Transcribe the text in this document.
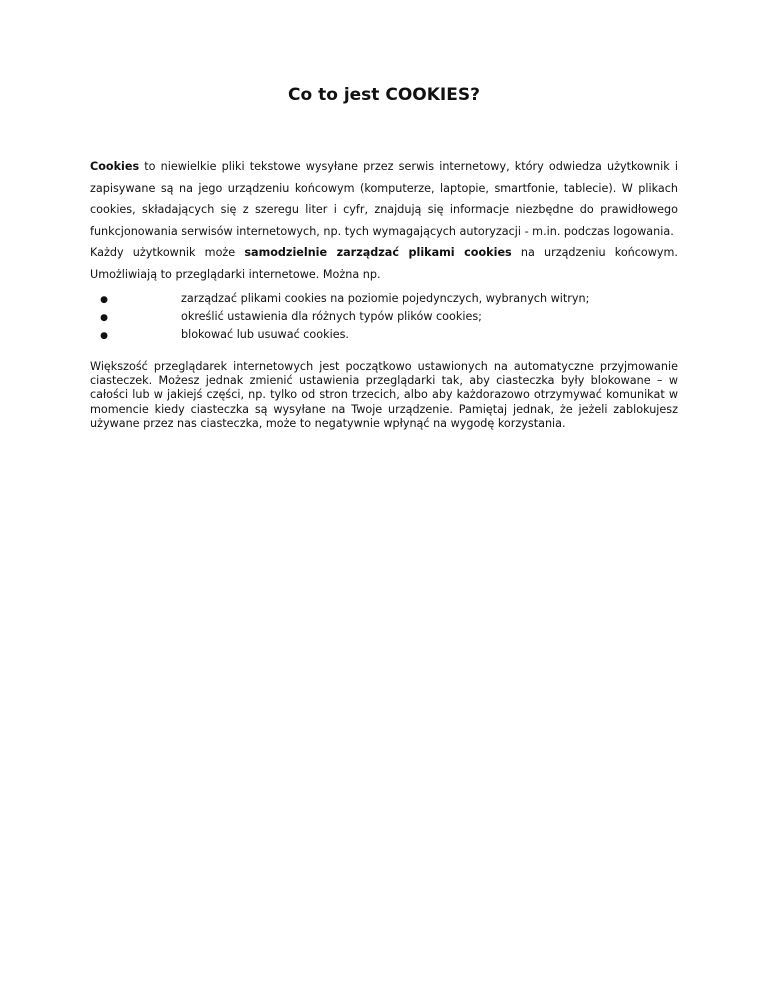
Co to jest COOKIES?

Cookies to niewielkie pliki tekstowe wysyłane przez serwis internetowy, który odwiedza użytkownik i zapisywane są na jego urządzeniu końcowym (komputerze, laptopie, smartfonie, tablecie). W plikach cookies, składających się z szeregu liter i cyfr, znajdują się informacje niezbędne do prawidłowego funkcjonowania serwisów internetowych, np. tych wymagających autoryzacji - m.in. podczas logowania.

Każdy użytkownik może samodzielnie zarządzać plikami cookies na urządzeniu końcowym. Umożliwiają to przeglądarki internetowe. Można np.

●	zarządzać plikami cookies na poziomie pojedynczych, wybranych witryn;
●	określić ustawienia dla różnych typów plików cookies;
●	blokować lub usuwać cookies.

Większość przeglądarek internetowych jest początkowo ustawionych na automatyczne przyjmowanie ciasteczek. Możesz jednak zmienić ustawienia przeglądarki tak, aby ciasteczka były blokowane – w całości lub w jakiejś części, np. tylko od stron trzecich, albo aby każdorazowo otrzymywać komunikat w momencie kiedy ciasteczka są wysyłane na Twoje urządzenie. Pamiętaj jednak, że jeżeli zablokujesz używane przez nas ciasteczka, może to negatywnie wpłynąć na wygodę korzystania.
